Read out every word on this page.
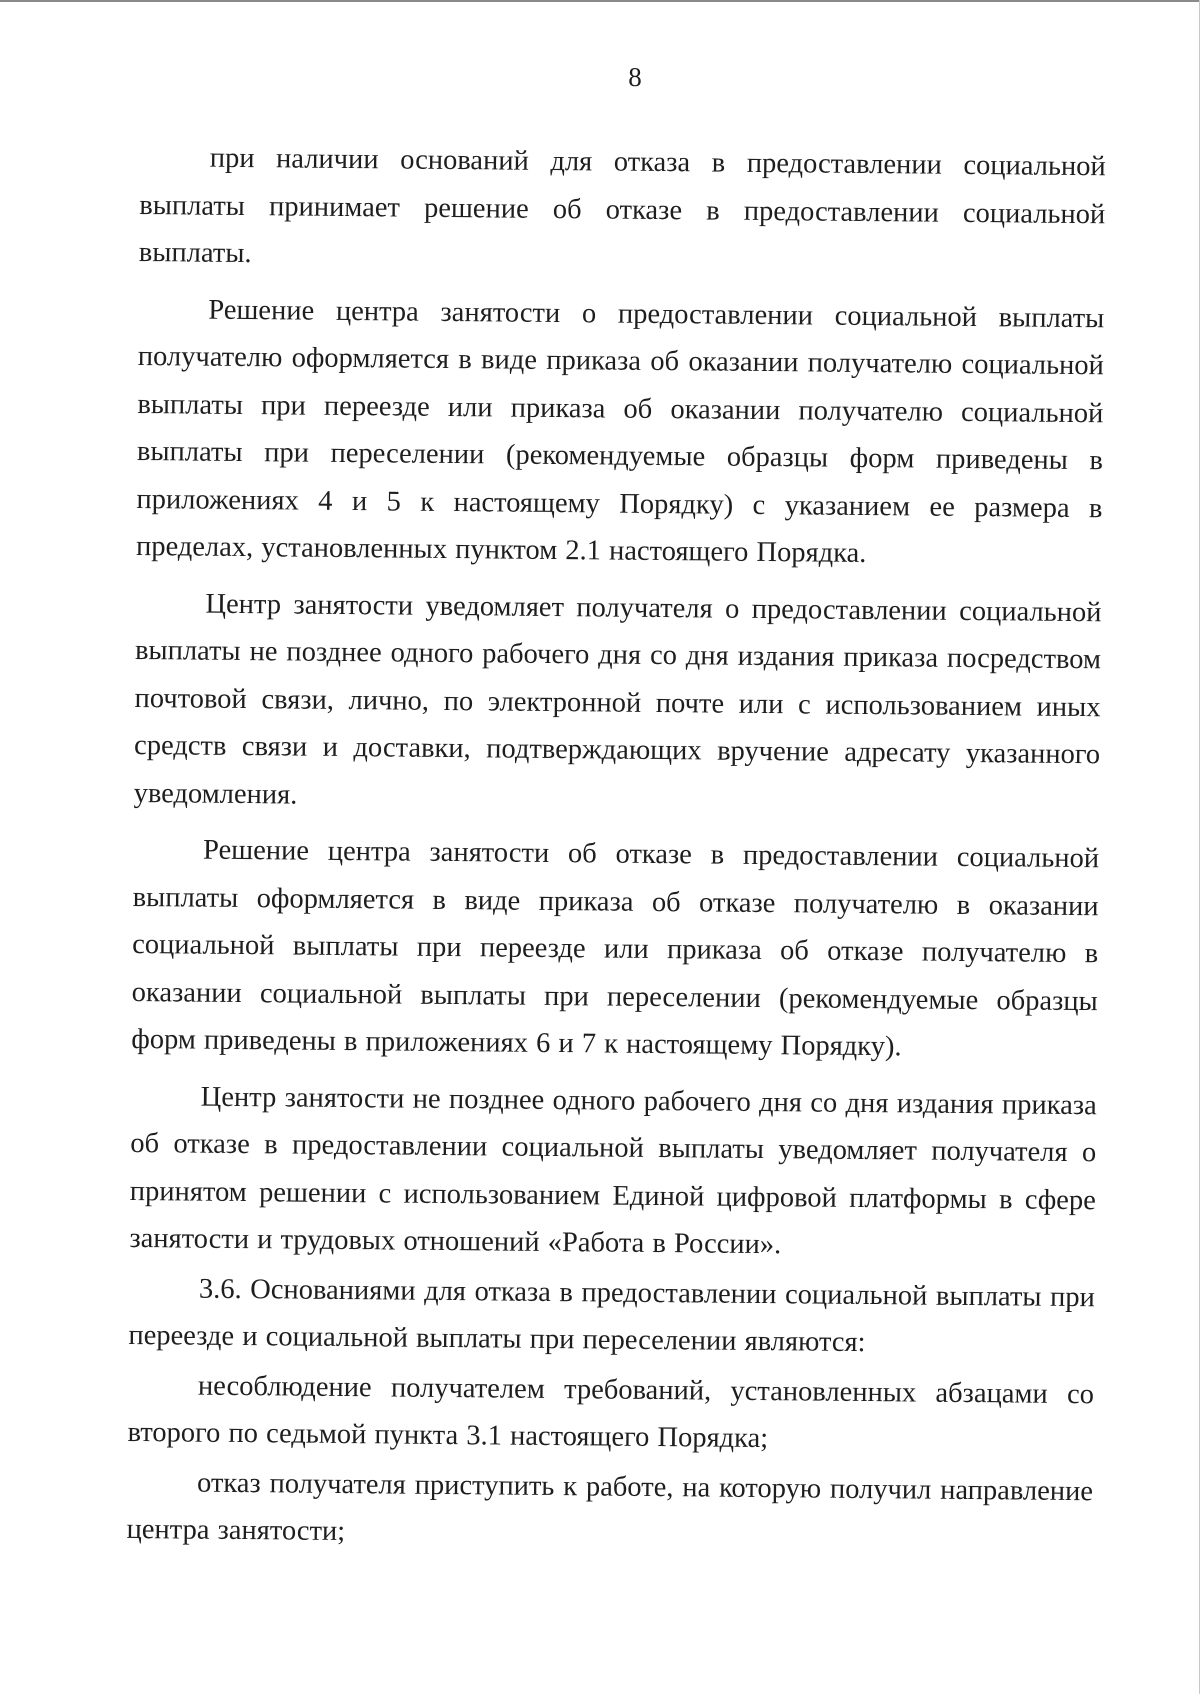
8

при наличии оснований для отказа в предоставлении социальной выплаты принимает решение об отказе в предоставлении социальной выплаты.

Решение центра занятости о предоставлении социальной выплаты получателю оформляется в виде приказа об оказании получателю социальной выплаты при переезде или приказа об оказании получателю социальной выплаты при переселении (рекомендуемые образцы форм приведены в приложениях 4 и 5 к настоящему Порядку) с указанием ее размера в пределах, установленных пунктом 2.1 настоящего Порядка.

Центр занятости уведомляет получателя о предоставлении социальной выплаты не позднее одного рабочего дня со дня издания приказа посредством почтовой связи, лично, по электронной почте или с использованием иных средств связи и доставки, подтверждающих вручение адресату указанного уведомления.

Решение центра занятости об отказе в предоставлении социальной выплаты оформляется в виде приказа об отказе получателю в оказании социальной выплаты при переезде или приказа об отказе получателю в оказании социальной выплаты при переселении (рекомендуемые образцы форм приведены в приложениях 6 и 7 к настоящему Порядку).

Центр занятости не позднее одного рабочего дня со дня издания приказа об отказе в предоставлении социальной выплаты уведомляет получателя о принятом решении с использованием Единой цифровой платформы в сфере занятости и трудовых отношений «Работа в России».

3.6. Основаниями для отказа в предоставлении социальной выплаты при переезде и социальной выплаты при переселении являются:

несоблюдение получателем требований, установленных абзацами со второго по седьмой пункта 3.1 настоящего Порядка;

отказ получателя приступить к работе, на которую получил направление центра занятости;
